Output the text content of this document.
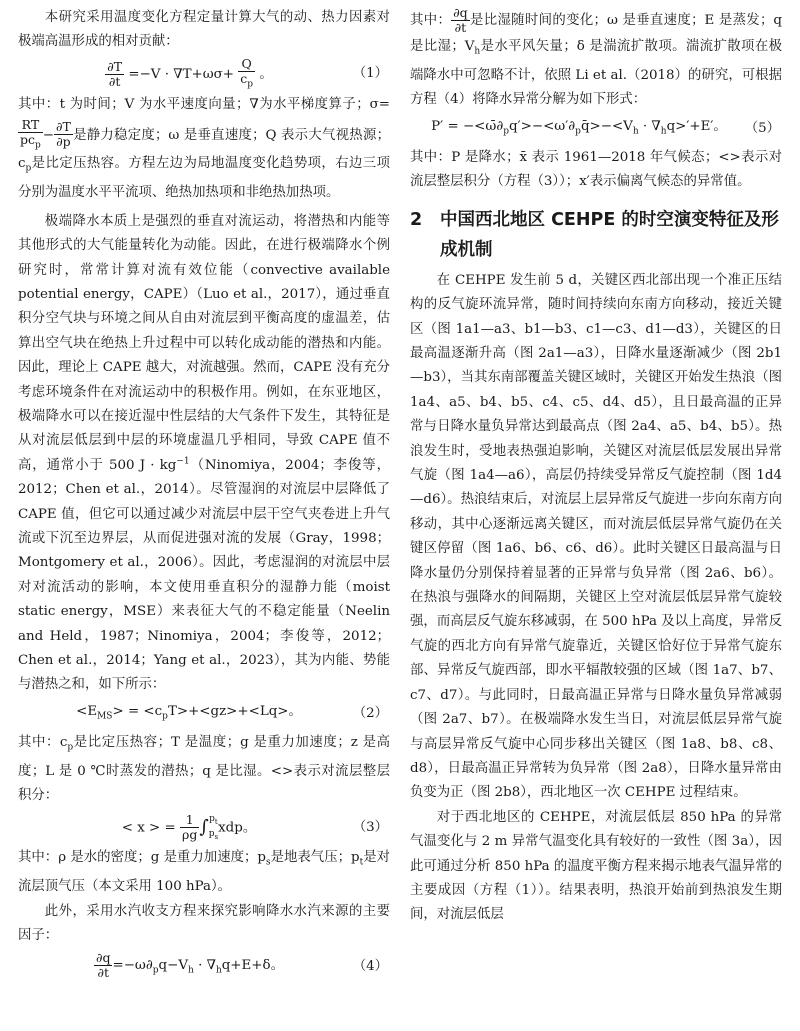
本研究采用温度变化方程定量计算大气的动、热力因素对极端高温形成的相对贡献：

$\frac{\partial T}{\partial t} =-V \cdot \nabla T+\omega\sigma+ \frac{Q}{c_p}$ 。	（1）

其中：t 为时间；V 为水平速度向量；∇为水平梯度算子；σ=
$\frac{RT}{pc_p} - \frac{\partial T}{\partial p}$ 是静力稳定度；ω 是垂直速度；Q 表示大气视热源；$c_p$是比定压热容。方程左边为局地温度变化趋势项，右边三项分别为温度水平平流项、绝热加热项和非绝热加热项。

极端降水本质上是强烈的垂直对流运动，将潜热和内能等其他形式的大气能量转化为动能。因此，在进行极端降水个例研究时，常常计算对流有效位能（convective available potential energy，CAPE）（Luo et al.，2017），通过垂直积分空气块与环境之间从自由对流层到平衡高度的虚温差，估算出空气块在绝热上升过程中可以转化成动能的潜热和内能。因此，理论上 CAPE 越大，对流越强。然而，CAPE 没有充分考虑环境条件在对流运动中的积极作用。例如，在东亚地区，极端降水可以在接近湿中性层结的大气条件下发生，其特征是从对流层低层到中层的环境虚温几乎相同，导致 CAPE 值不高，通常小于 500 $J \cdot kg^{-1}(Ninomiya$，2004；李俊等，2012；Chen et al.，2014）。尽管湿润的对流层中层降低了 CAPE 值，但它可以通过减少对流层中层干空气夹卷进上升气流或下沉至边界层，从而促进强对流的发展（Gray，1998；Montgomery et al.，2006）。因此，考虑湿润的对流层中层对对流活动的影响，本文使用垂直积分的湿静力能（moist static energy，MSE）来表征大气的不稳定能量（Neelin and Held，1987；Ninomiya，2004；李俊等，2012；Chen et al.，2014；Yang et al.，2023），其为内能、势能与潜热之和，如下所示：

$<E_{MS}> = <c_pT>+<gz>+<Lq>$。	（2）

其中：$c_p$是比定压热容；T 是温度；g 是重力加速度；z 是高度；L 是 0 ℃时蒸发的潜热；q 是比湿。<>表示对流层整层积分：

< x > = $\frac{1}{\rho g}$ ∫ $p_t$
$p_s$
xdp。	（3）

其中：ρ 是水的密度；g 是重力加速度；$p_s$是地表气压；$p_t$是对流层顶气压（本文采用 100 hPa）。

此外，采用水汽收支方程来探究影响降水水汽来源的主要因子：

$\frac{\partial q}{\partial t} =-\omega\partial_pq-V_h \cdot \nabla_hq+E+\delta$。	（4）

其中： $\frac{\partial q}{\partial t}$ 是比湿随时间的变化；ω 是垂直速度；E 是蒸发；q 是比湿；$V_h$是水平风矢量；δ 是湍流扩散项。湍流扩散项在极端降水中可忽略不计，依照 Li et al.（2018）的研究，可根据方程（4）将降水异常分解为如下形式：

$P' = -<\omegā\partial_pq'>-<\omega'\partial_pq̄>-<V_h \cdot \nabla_hq>'+E'$。 （5）

其中：P 是降水；x̄ 表示 1961—2018 年气候态；<>表示对流层整层积分（方程（3））；x′表示偏离气候态的异常值。

2 中国西北地区 CEHPE 的时空演变特征及形成机制

在 CEHPE 发生前 5 d，关键区西北部出现一个准正压结构的反气旋环流异常，随时间持续向东南方向移动，接近关键区（图 1a1—a3、b1—b3、c1—c3、d1—d3），关键区的日最高温逐渐升高（图 2a1—a3），日降水量逐渐减少（图 2b1—b3），当其东南部覆盖关键区域时，关键区开始发生热浪（图 1a4、a5、b4、b5、c4、c5、d4、d5），且日最高温的正异常与日降水量负异常达到最高点（图 2a4、a5、b4、b5）。热浪发生时，受地表热强迫影响，关键区对流层低层发展出异常气旋（图 1a4—a6），高层仍持续受异常反气旋控制（图 1d4—d6）。热浪结束后，对流层上层异常反气旋进一步向东南方向移动，其中心逐渐远离关键区，而对流层低层异常气旋仍在关键区停留（图 1a6、b6、c6、d6）。此时关键区日最高温与日降水量仍分别保持着显著的正异常与负异常（图 2a6、b6）。在热浪与强降水的间隔期，关键区上空对流层低层异常气旋较强，而高层反气旋东移减弱，在 500 hPa 及以上高度，异常反气旋的西北方向有异常气旋靠近，关键区恰好位于异常气旋东部、异常反气旋西部，即水平辐散较强的区域（图 1a7、b7、c7、d7）。与此同时，日最高温正异常与日降水量负异常减弱（图 2a7、b7）。在极端降水发生当日，对流层低层异常气旋与高层异常反气旋中心同步移出关键区（图 1a8、b8、c8、d8），日最高温正异常转为负异常（图 2a8），日降水量异常由负变为正（图 2b8），西北地区一次 CEHPE 过程结束。

对于西北地区的 CEHPE，对流层低层 850 hPa 的异常气温变化与 2 m 异常气温变化具有较好的一致性（图 3a），因此可通过分析 850 hPa 的温度平衡方程来揭示地表气温异常的主要成因（方程（1））。结果表明，热浪开始前到热浪发生期间，对流层低层
